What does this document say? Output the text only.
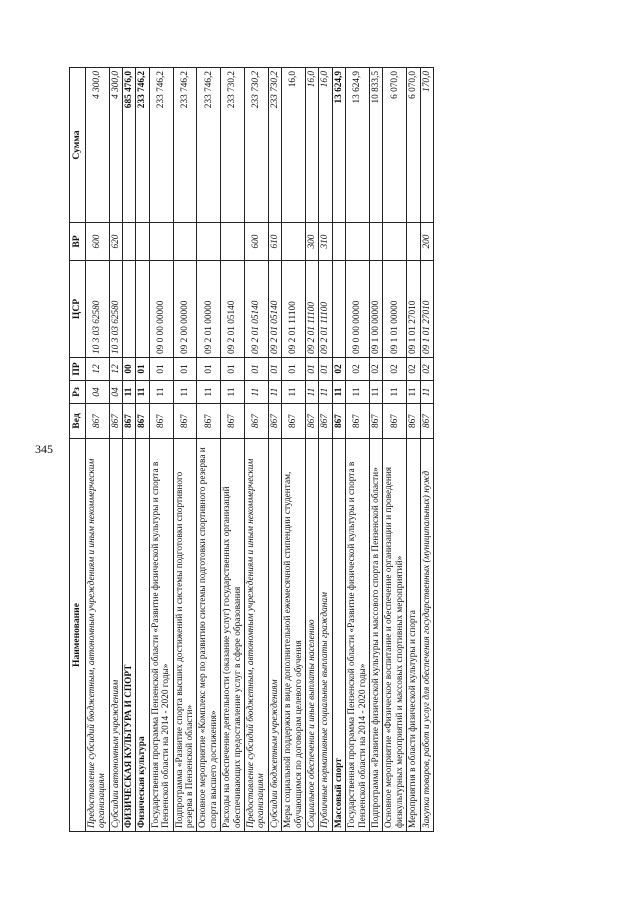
345
Наименование	Вед	Рз	ПР	ЦСР	ВР	Сумма
Предоставление субсидий бюджетным, автономным учреждениям и иным некоммерческим организациям	867	04	12	10 3 03 62580	600	4 300,0
Субсидии автономным учреждениям	867	04	12	10 3 03 62580	620	4 300,0
ФИЗИЧЕСКАЯ КУЛЬТУРА И СПОРТ	867	11	00			685 476,0
Физическая культура	867	11	01			233 746,2
Государственная программа Пензенской области «Развитие физической культуры и спорта в Пензенской области на 2014 - 2020 годы»	867	11	01	09 0 00 00000		233 746,2
Подпрограмма «Развитие спорта высших достижений и системы подготовки спортивного резерва в Пензенской области»	867	11	01	09 2 00 00000		233 746,2
Основное мероприятие «Комплекс мер по развитию системы подготовки спортивного резерва и спорта высшего достижения»	867	11	01	09 2 01 00000		233 746,2
Расходы на обеспечение деятельности (оказание услуг) государственных организаций обеспечивающих предоставление услуг в сфере образования	867	11	01	09 2 01 05140		233 730,2
Предоставление субсидий бюджетным, автономным учреждениям и иным некоммерческим организациям	867	11	01	09 2 01 05140	600	233 730,2
Субсидии бюджетным учреждениям	867	11	01	09 2 01 05140	610	233 730,2
Меры социальной поддержки в виде дополнительной ежемесячной стипендии студентам, обучающимся по договорам целевого обучения	867	11	01	09 2 01 11100		16,0
Социальное обеспечение и иные выплаты населению	867	11	01	09 2 01 11100	300	16,0
Публичные нормативные социальные выплаты гражданам	867	11	01	09 2 01 11100	310	16,0
Массовый спорт	867	11	02			13 624,9
Государственная программа Пензенской области «Развитие физической культуры и спорта в Пензенской области на 2014 - 2020 годы»	867	11	02	09 0 00 00000		13 624,9
Подпрограмма «Развитие физической культуры и массового спорта в Пензенской области»	867	11	02	09 1 00 00000		10 833,5
Основное мероприятие «Физическое воспитание и обеспечение организации и проведения физкультурных мероприятий и массовых спортивных мероприятий»	867	11	02	09 1 01 00000		6 070,0
Мероприятия в области физической культуры и спорта	867	11	02	09 1 01 27010		6 070,0
Закупка товаров, работ и услуг для обеспечения государственных (муниципальных) нужд	867	11	02	09 1 01 27010	200	170,0
